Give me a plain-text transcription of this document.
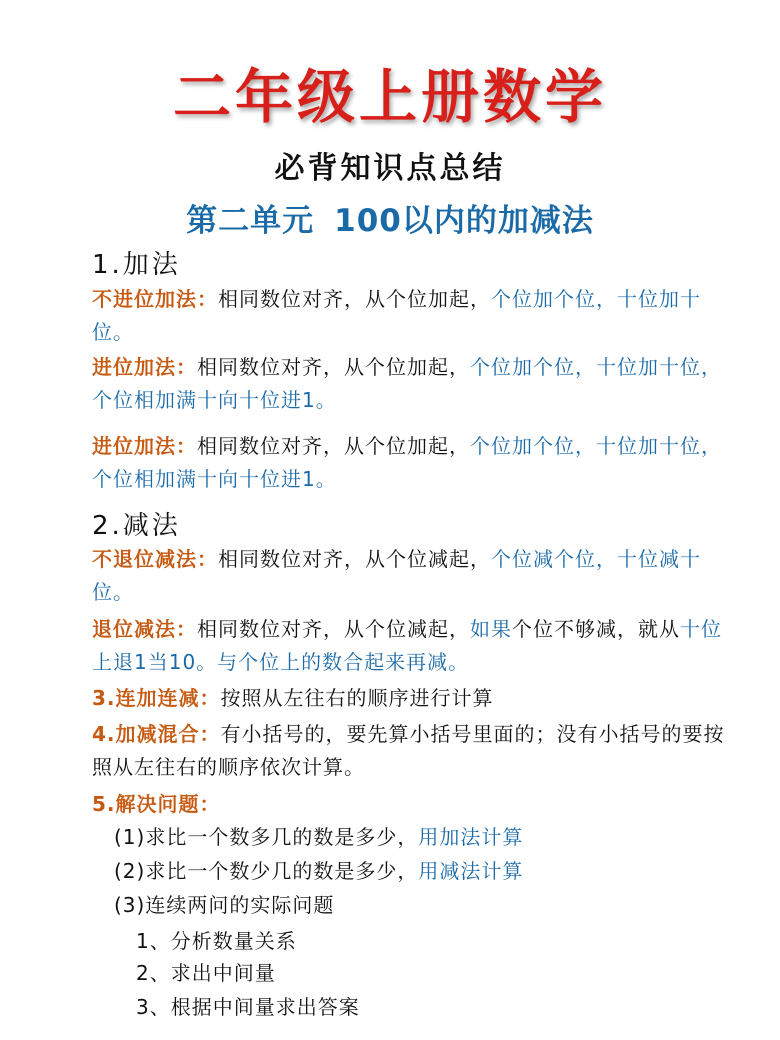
二年级上册数学
必背知识点总结
第二单元 100以内的加减法
1.加法
不进位加法：相同数位对齐，从个位加起，个位加个位，十位加十位。
进位加法：相同数位对齐，从个位加起，个位加个位，十位加十位，个位相加满十向十位进1。
进位加法：相同数位对齐，从个位加起，个位加个位，十位加十位，个位相加满十向十位进1。
2.减法
不退位减法：相同数位对齐，从个位减起，个位减个位，十位减十位。
退位减法：相同数位对齐，从个位减起，如果个位不够减，就从十位上退1当10。与个位上的数合起来再减。
3.连加连减：按照从左往右的顺序进行计算
4.加减混合：有小括号的，要先算小括号里面的；没有小括号的要按照从左往右的顺序依次计算。
5.解决问题：
(1)求比一个数多几的数是多少，用加法计算
(2)求比一个数少几的数是多少，用减法计算
(3)连续两问的实际问题
1、分析数量关系
2、求出中间量
3、根据中间量求出答案
